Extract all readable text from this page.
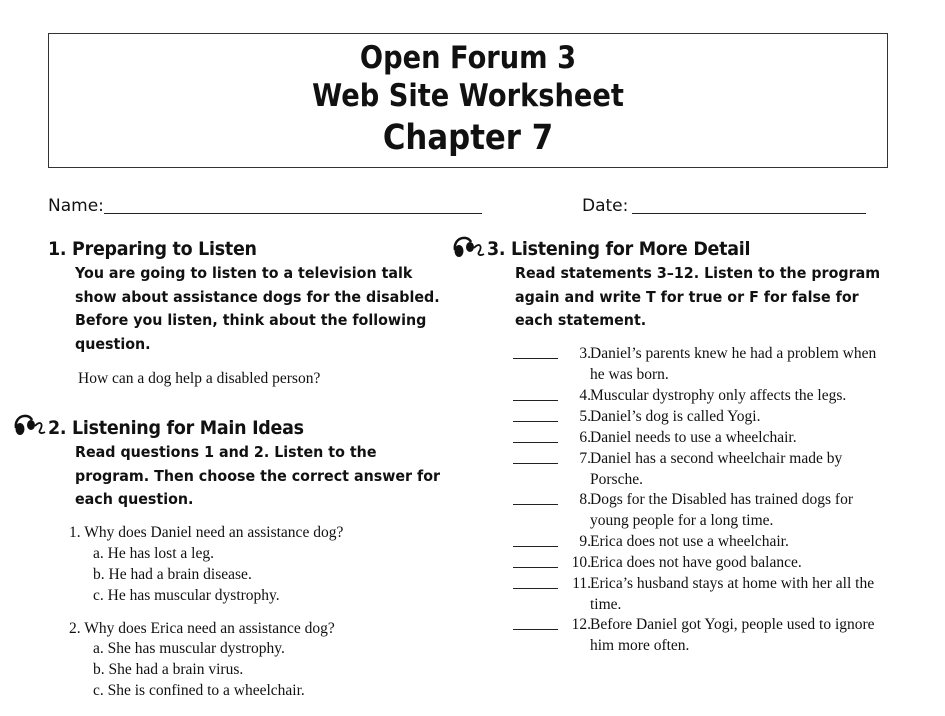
Open Forum 3
Web Site Worksheet
Chapter 7
Name:	Date:
1. Preparing to Listen
You are going to listen to a television talk show about assistance dogs for the disabled. Before you listen, think about the following question.
How can a dog help a disabled person?
2. Listening for Main Ideas
Read questions 1 and 2. Listen to the program. Then choose the correct answer for each question.
1. Why does Daniel need an assistance dog?
a. He has lost a leg.
b. He had a brain disease.
c. He has muscular dystrophy.
2. Why does Erica need an assistance dog?
a. She has muscular dystrophy.
b. She had a brain virus.
c. She is confined to a wheelchair.
3. Listening for More Detail
Read statements 3–12. Listen to the program again and write T for true or F for false for each statement.
3. Daniel’s parents knew he had a problem when he was born.
4. Muscular dystrophy only affects the legs.
5. Daniel’s dog is called Yogi.
6. Daniel needs to use a wheelchair.
7. Daniel has a second wheelchair made by Porsche.
8. Dogs for the Disabled has trained dogs for young people for a long time.
9. Erica does not use a wheelchair.
10. Erica does not have good balance.
11. Erica’s husband stays at home with her all the time.
12. Before Daniel got Yogi, people used to ignore him more often.
